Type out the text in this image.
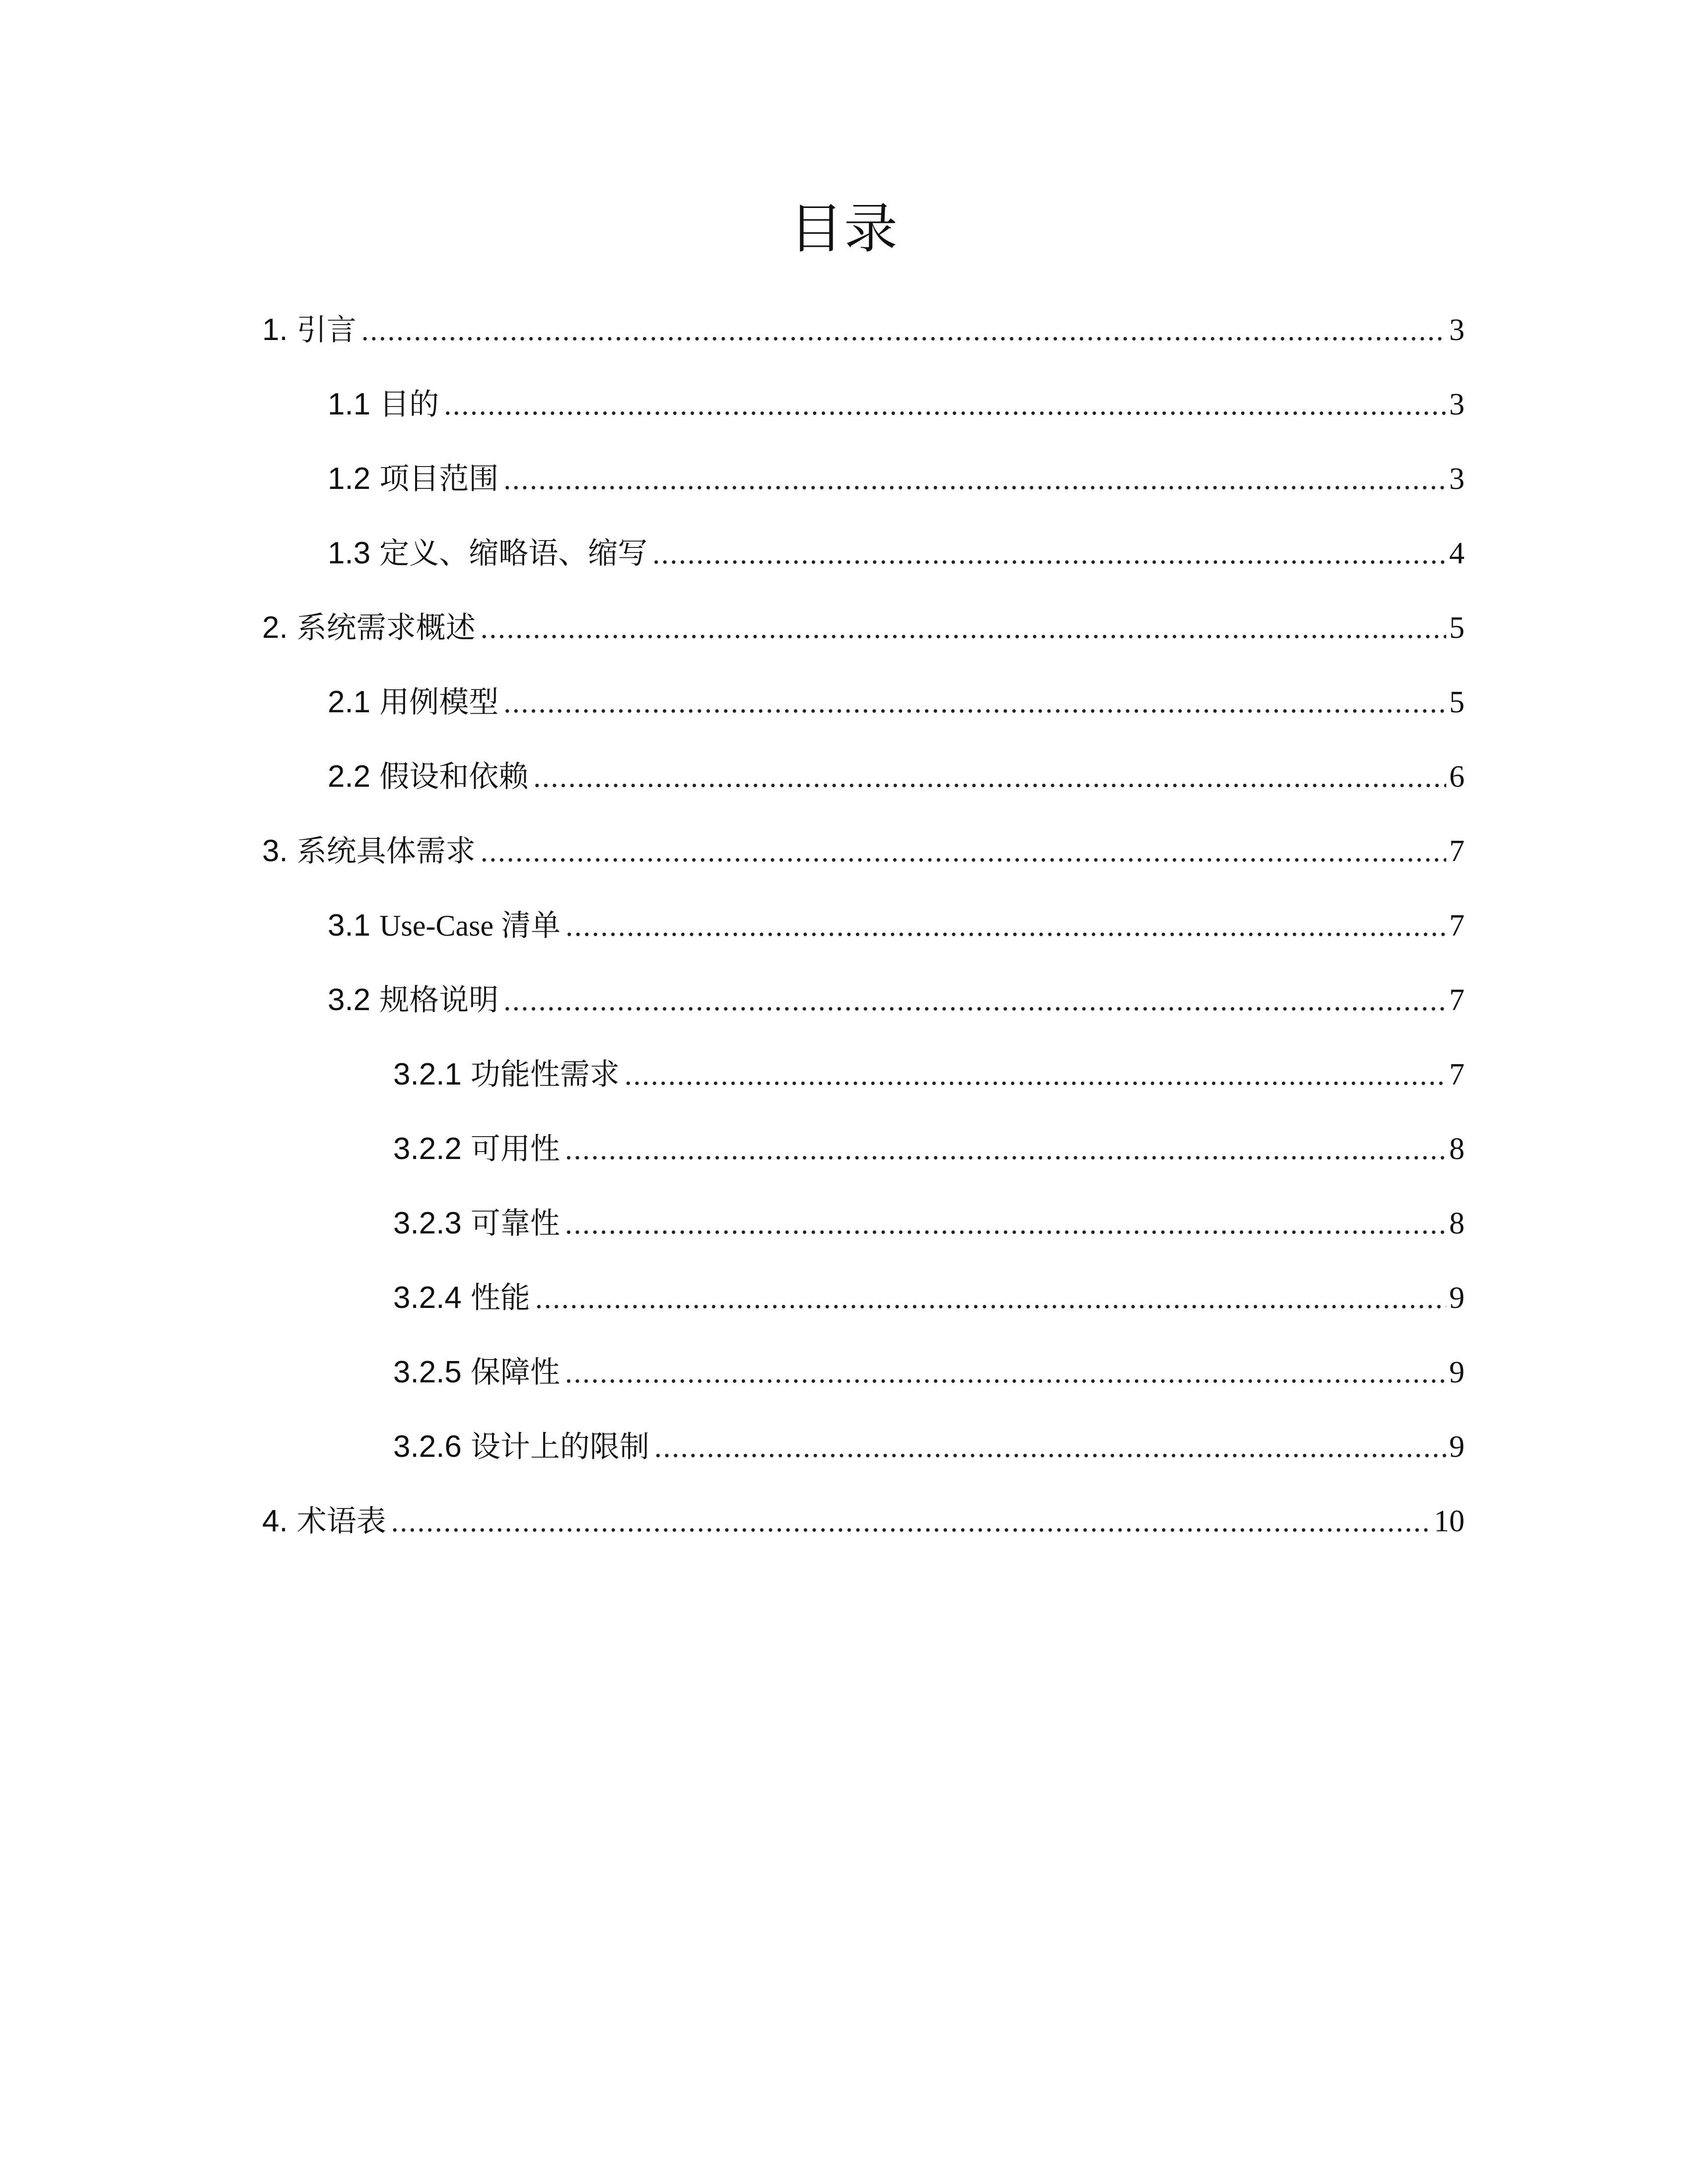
目录
1. 引言 .....	3
1.1 目的 .....	3
1.2 项目范围 .....	3
1.3 定义、缩略语、缩写 .....	4
2. 系统需求概述 .....	5
2.1 用例模型 .....	5
2.2 假设和依赖 .....	6
3. 系统具体需求 .....	7
3.1 Use-Case 清单 .....	7
3.2 规格说明 .....	7
3.2.1 功能性需求 .....	7
3.2.2 可用性 .....	8
3.2.3 可靠性 .....	8
3.2.4 性能 .....	9
3.2.5 保障性 .....	9
3.2.6 设计上的限制 .....	9
4. 术语表 .....	10
